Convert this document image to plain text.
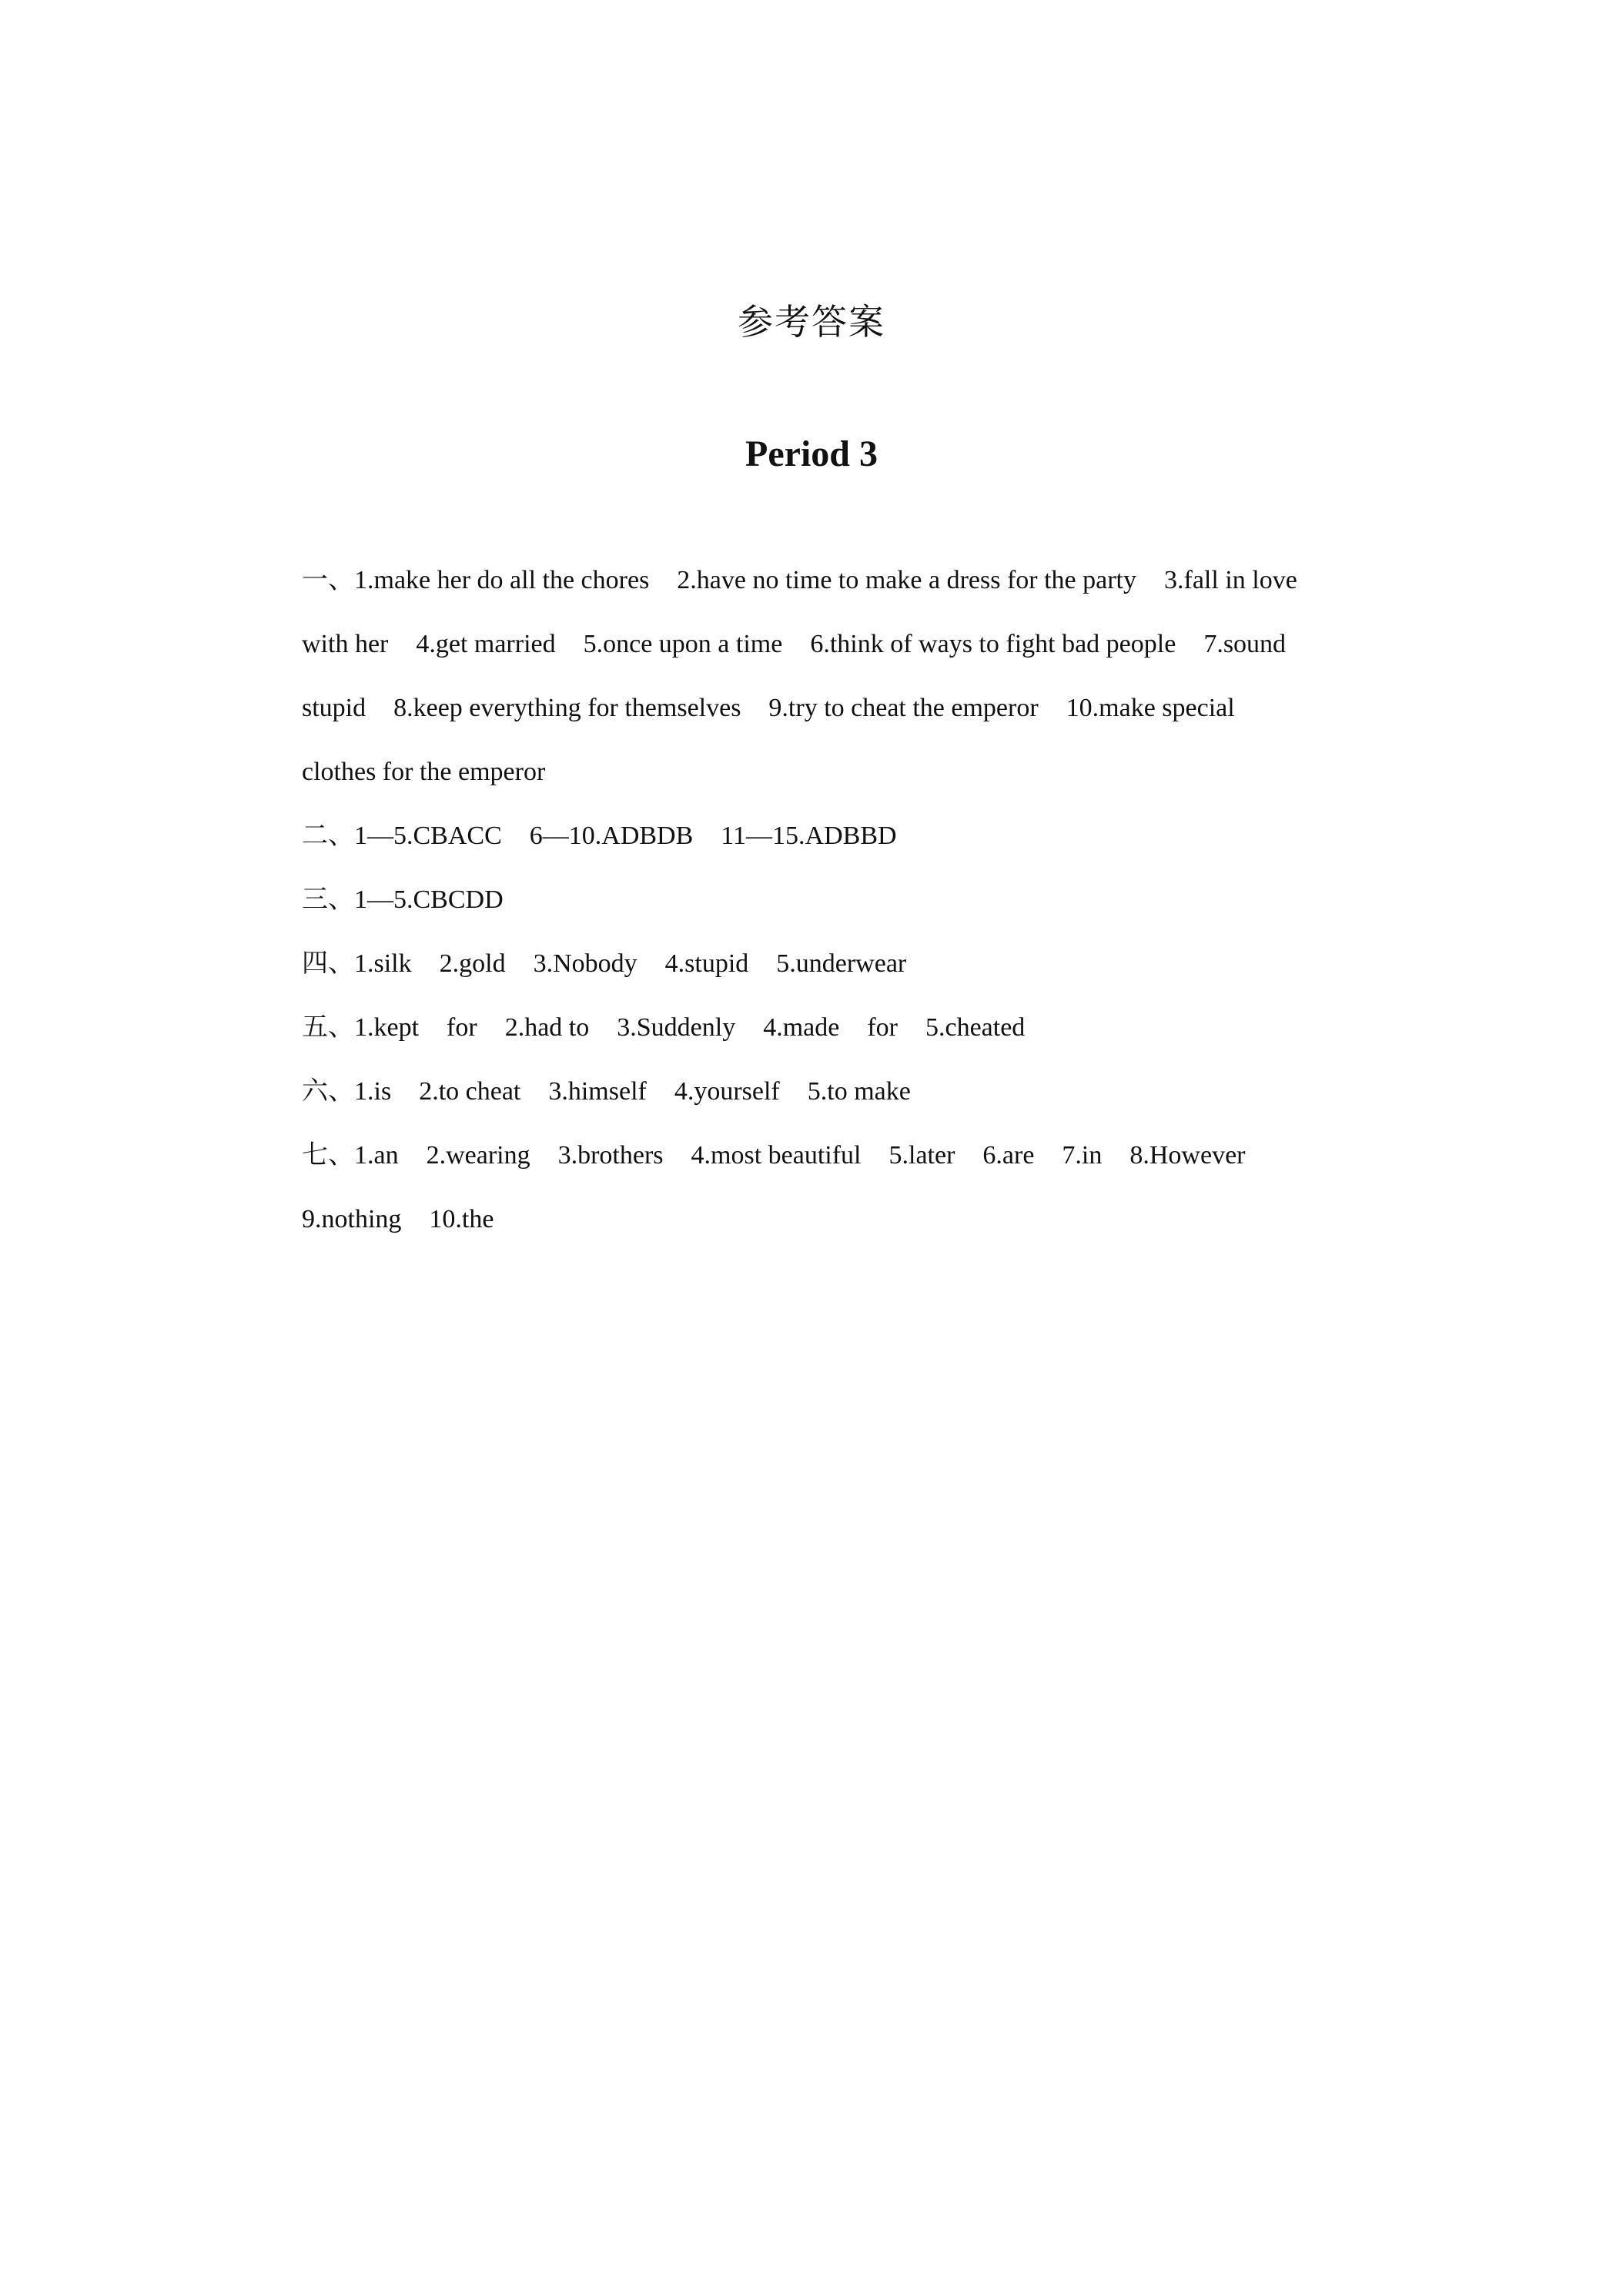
参考答案
Period 3
一、1.make her do all the chores 2.have no time to make a dress for the party 3.fall in love
with her 4.get married 5.once upon a time 6.think of ways to fight bad people 7.sound
stupid 8.keep everything for themselves 9.try to cheat the emperor 10.make special
clothes for the emperor
二、1—5.CBACC 6—10.ADBDB 11—15.ADBBD
三、1—5.CBCDD
四、1.silk 2.gold 3.Nobody 4.stupid 5.underwear
五、1.kept for 2.had to 3.Suddenly 4.made for 5.cheated
六、1.is 2.to cheat 3.himself 4.yourself 5.to make
七、1.an 2.wearing 3.brothers 4.most beautiful 5.later 6.are 7.in 8.However
9.nothing 10.the
